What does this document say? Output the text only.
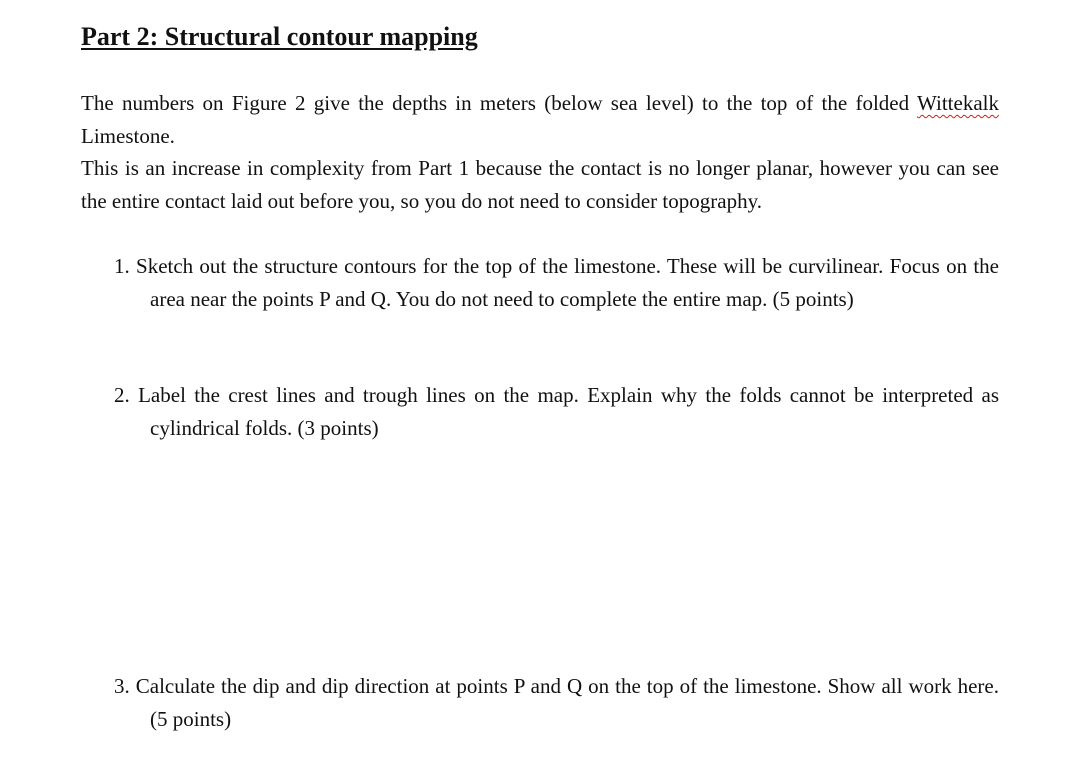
Part 2: Structural contour mapping

The numbers on Figure 2 give the depths in meters (below sea level) to the top of the folded Wittekalk Limestone.

This is an increase in complexity from Part 1 because the contact is no longer planar, however you can see the entire contact laid out before you, so you do not need to consider topography.

1. Sketch out the structure contours for the top of the limestone. These will be curvilinear. Focus on the area near the points P and Q. You do not need to complete the entire map. (5 points)
2. Label the crest lines and trough lines on the map. Explain why the folds cannot be interpreted as cylindrical folds. (3 points)
3. Calculate the dip and dip direction at points P and Q on the top of the limestone. Show all work here. (5 points)
